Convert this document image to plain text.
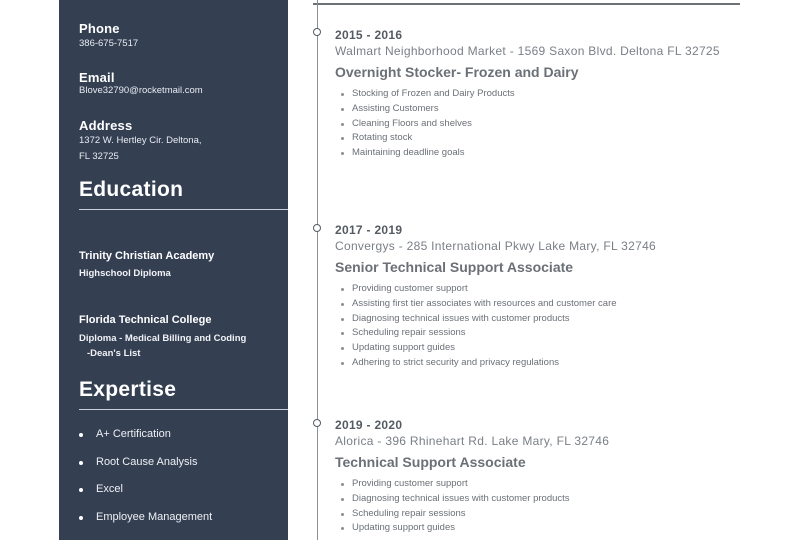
Phone
386-675-7517
Email
Blove32790@rocketmail.com
Address
1372 W. Hertley Cir. Deltona,
FL 32725
Education
Trinity Christian Academy
Highschool Diploma
Florida Technical College
Diploma - Medical Billing and Coding
-Dean's List
Expertise
A+ Certification
Root Cause Analysis
Excel
Employee Management
2015 - 2016
Walmart Neighborhood Market - 1569 Saxon Blvd. Deltona FL 32725
Overnight Stocker- Frozen and Dairy
Stocking of Frozen and Dairy Products
Assisting Customers
Cleaning Floors and shelves
Rotating stock
Maintaining deadline goals
2017 - 2019
Convergys - 285 International Pkwy Lake Mary, FL 32746
Senior Technical Support Associate
Providing customer support
Assisting first tier associates with resources and customer care
Diagnosing technical issues with customer products
Scheduling repair sessions
Updating support guides
Adhering to strict security and privacy regulations
2019 - 2020
Alorica - 396 Rhinehart Rd. Lake Mary, FL 32746
Technical Support Associate
Providing customer support
Diagnosing technical issues with customer products
Scheduling repair sessions
Updating support guides
